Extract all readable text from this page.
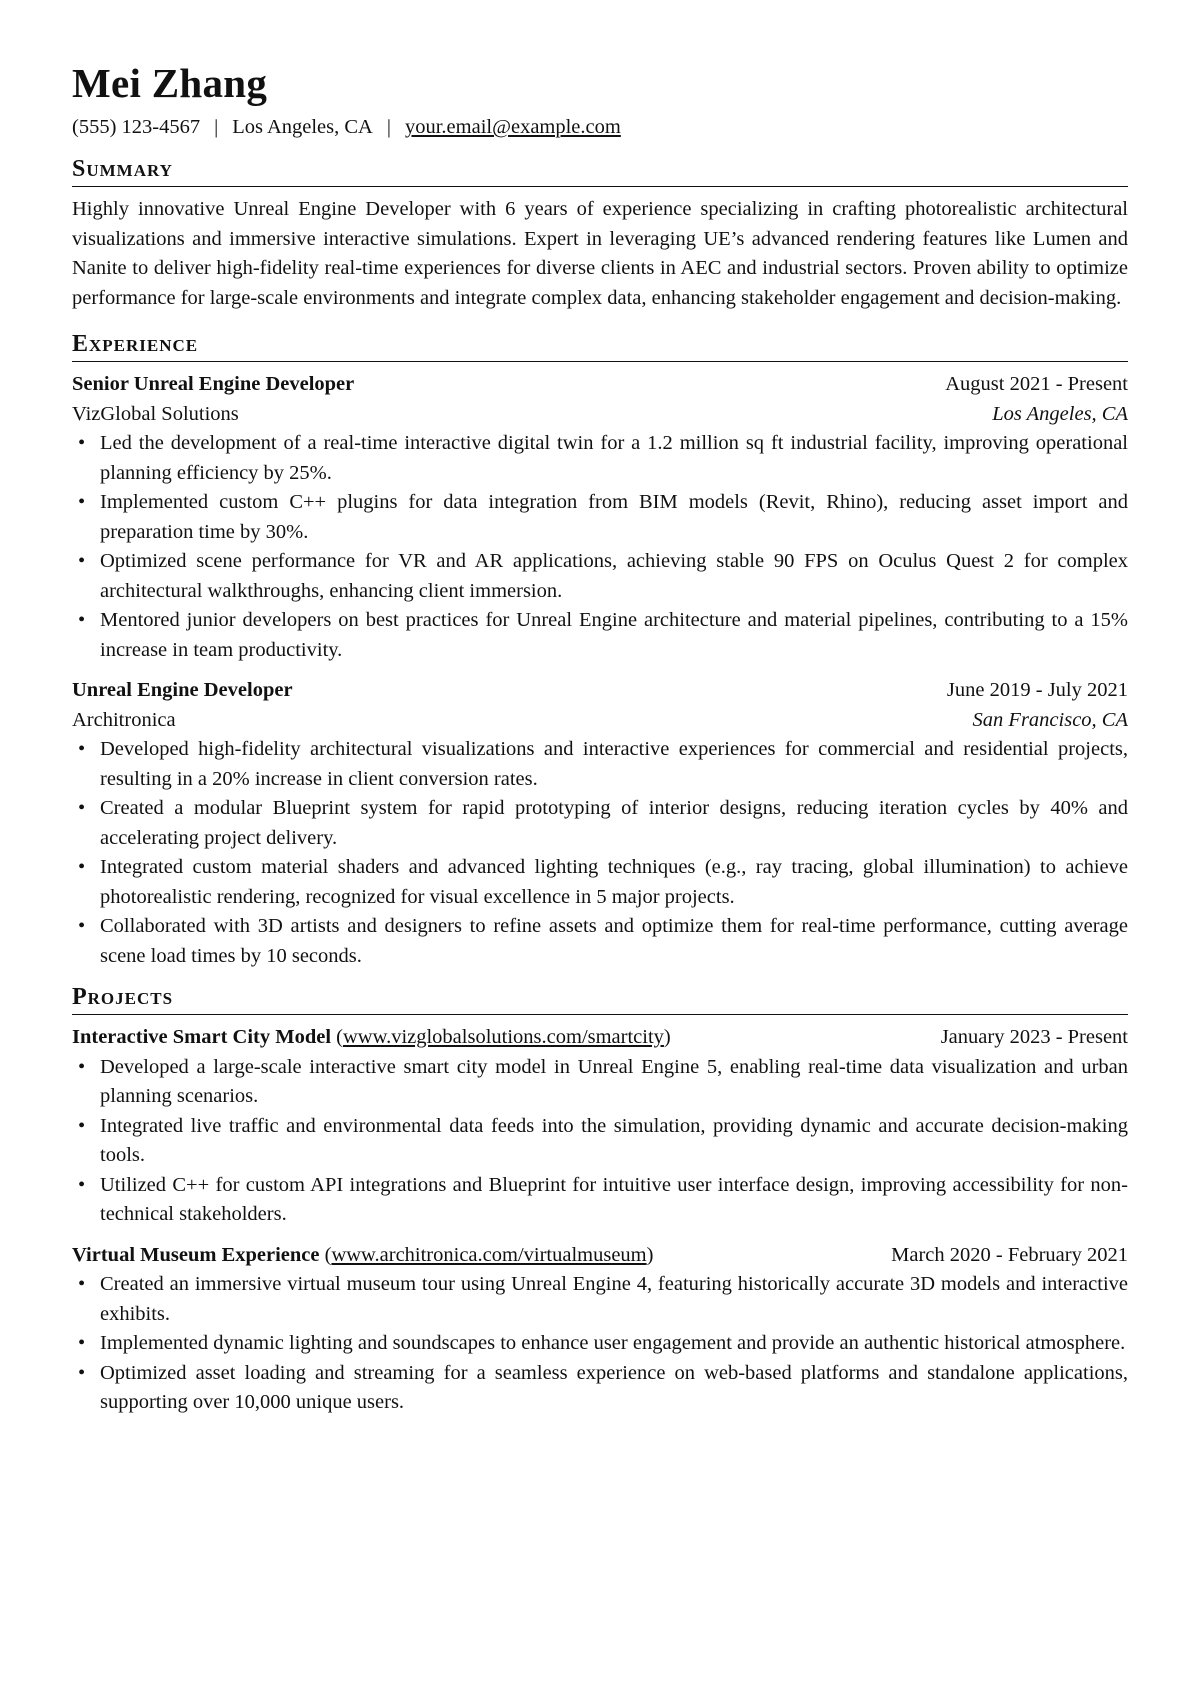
Mei Zhang
(555) 123-4567 | Los Angeles, CA | your.email@example.com
Summary
Highly innovative Unreal Engine Developer with 6 years of experience specializing in crafting photorealistic architectural visualizations and immersive interactive simulations. Expert in leveraging UE’s advanced rendering features like Lumen and Nanite to deliver high-fidelity real-time experiences for diverse clients in AEC and industrial sectors. Proven ability to optimize performance for large-scale environments and integrate complex data, enhancing stakeholder engagement and decision-making.
Experience
Senior Unreal Engine Developer	August 2021 - Present
VizGlobal Solutions	Los Angeles, CA
• Led the development of a real-time interactive digital twin for a 1.2 million sq ft industrial facility, improving operational planning efficiency by 25%.
• Implemented custom C++ plugins for data integration from BIM models (Revit, Rhino), reducing asset import and preparation time by 30%.
• Optimized scene performance for VR and AR applications, achieving stable 90 FPS on Oculus Quest 2 for complex architectural walkthroughs, enhancing client immersion.
• Mentored junior developers on best practices for Unreal Engine architecture and material pipelines, contributing to a 15% increase in team productivity.
Unreal Engine Developer	June 2019 - July 2021
Architronica	San Francisco, CA
• Developed high-fidelity architectural visualizations and interactive experiences for commercial and residential projects, resulting in a 20% increase in client conversion rates.
• Created a modular Blueprint system for rapid prototyping of interior designs, reducing iteration cycles by 40% and accelerating project delivery.
• Integrated custom material shaders and advanced lighting techniques (e.g., ray tracing, global illumination) to achieve photorealistic rendering, recognized for visual excellence in 5 major projects.
• Collaborated with 3D artists and designers to refine assets and optimize them for real-time performance, cutting average scene load times by 10 seconds.
Projects
Interactive Smart City Model (www.vizglobalsolutions.com/smartcity)	January 2023 - Present
• Developed a large-scale interactive smart city model in Unreal Engine 5, enabling real-time data visualization and urban planning scenarios.
• Integrated live traffic and environmental data feeds into the simulation, providing dynamic and accurate decision-making tools.
• Utilized C++ for custom API integrations and Blueprint for intuitive user interface design, improving accessibility for non-technical stakeholders.
Virtual Museum Experience (www.architronica.com/virtualmuseum)	March 2020 - February 2021
• Created an immersive virtual museum tour using Unreal Engine 4, featuring historically accurate 3D models and interactive exhibits.
• Implemented dynamic lighting and soundscapes to enhance user engagement and provide an authentic historical atmosphere.
• Optimized asset loading and streaming for a seamless experience on web-based platforms and standalone applications, supporting over 10,000 unique users.
